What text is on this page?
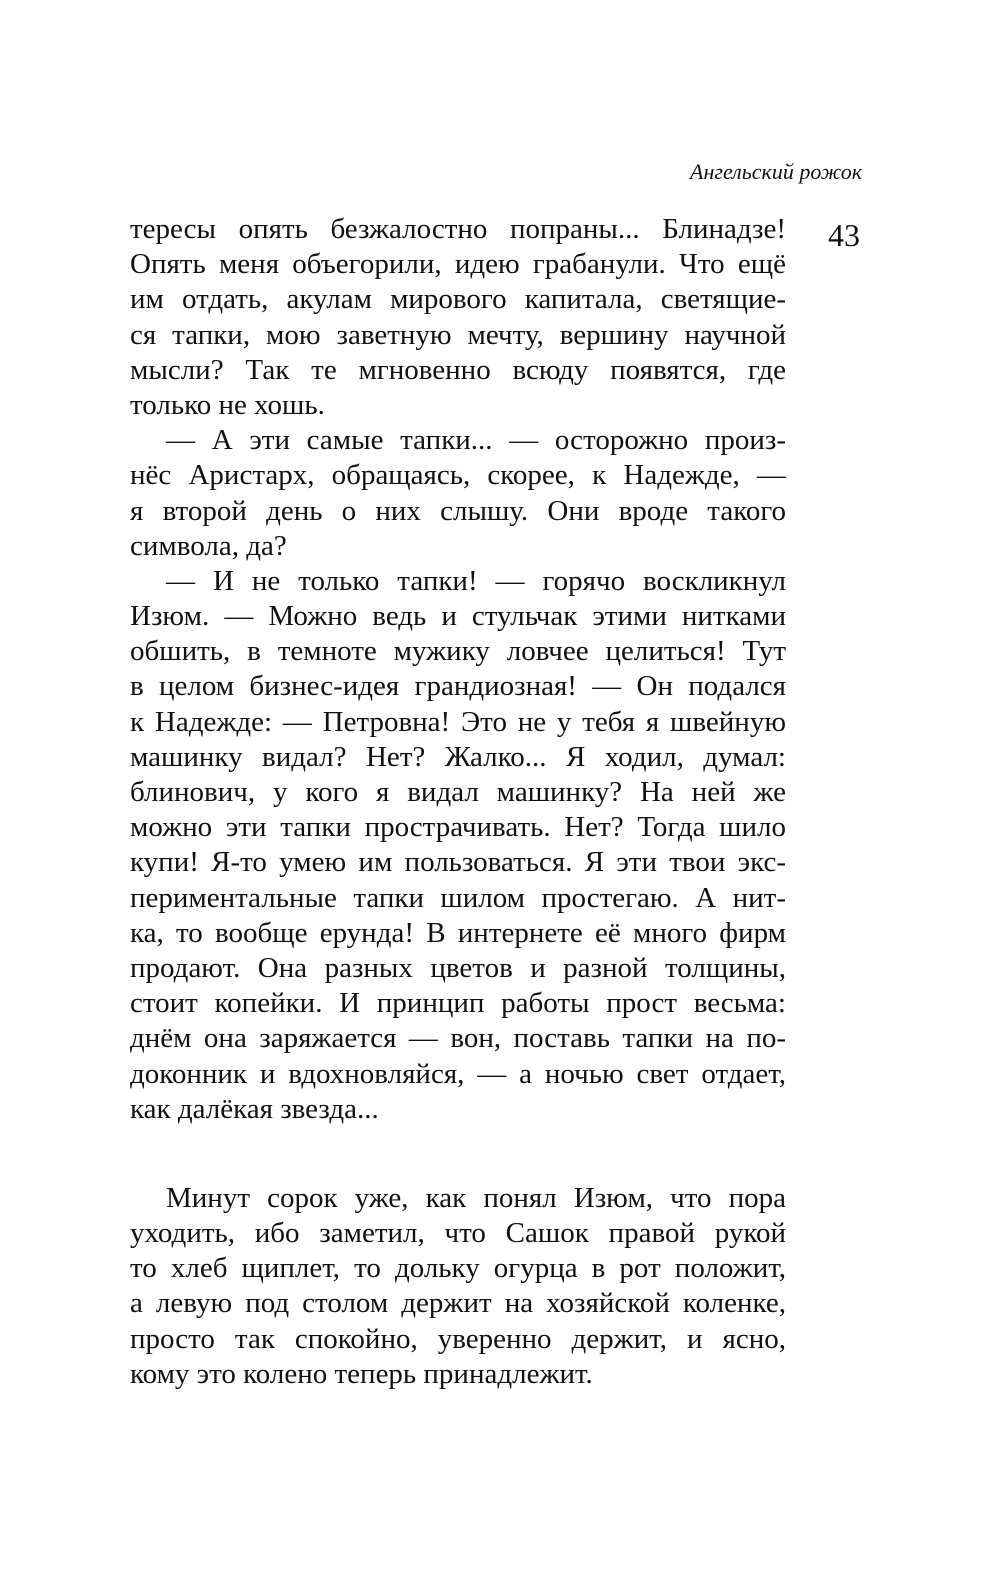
Ангельский рожок
43
тересы опять безжалостно попраны... Блинадзе!
Опять меня объегорили, идею грабанули. Что ещё
им отдать, акулам мирового капитала, светящие-
ся тапки, мою заветную мечту, вершину научной
мысли? Так те мгновенно всюду появятся, где
только не хошь.
— А эти самые тапки... — осторожно произ-
нёс Аристарх, обращаясь, скорее, к Надежде, —
я второй день о них слышу. Они вроде такого
символа, да?
— И не только тапки! — горячо воскликнул
Изюм. — Можно ведь и стульчак этими нитками
обшить, в темноте мужику ловчее целиться! Тут
в целом бизнес-идея грандиозная! — Он подался
к Надежде: — Петровна! Это не у тебя я швейную
машинку видал? Нет? Жалко... Я ходил, думал:
блинович, у кого я видал машинку? На ней же
можно эти тапки прострачивать. Нет? Тогда шило
купи! Я-то умею им пользоваться. Я эти твои экс-
периментальные тапки шилом простегаю. А нит-
ка, то вообще ерунда! В интернете её много фирм
продают. Она разных цветов и разной толщины,
стоит копейки. И принцип работы прост весьма:
днём она заряжается — вон, поставь тапки на по-
доконник и вдохновляйся, — а ночью свет отдает,
как далёкая звезда...
Минут сорок уже, как понял Изюм, что пора
уходить, ибо заметил, что Сашок правой рукой
то хлеб щиплет, то дольку огурца в рот положит,
а левую под столом держит на хозяйской коленке,
просто так спокойно, уверенно держит, и ясно,
кому это колено теперь принадлежит.
